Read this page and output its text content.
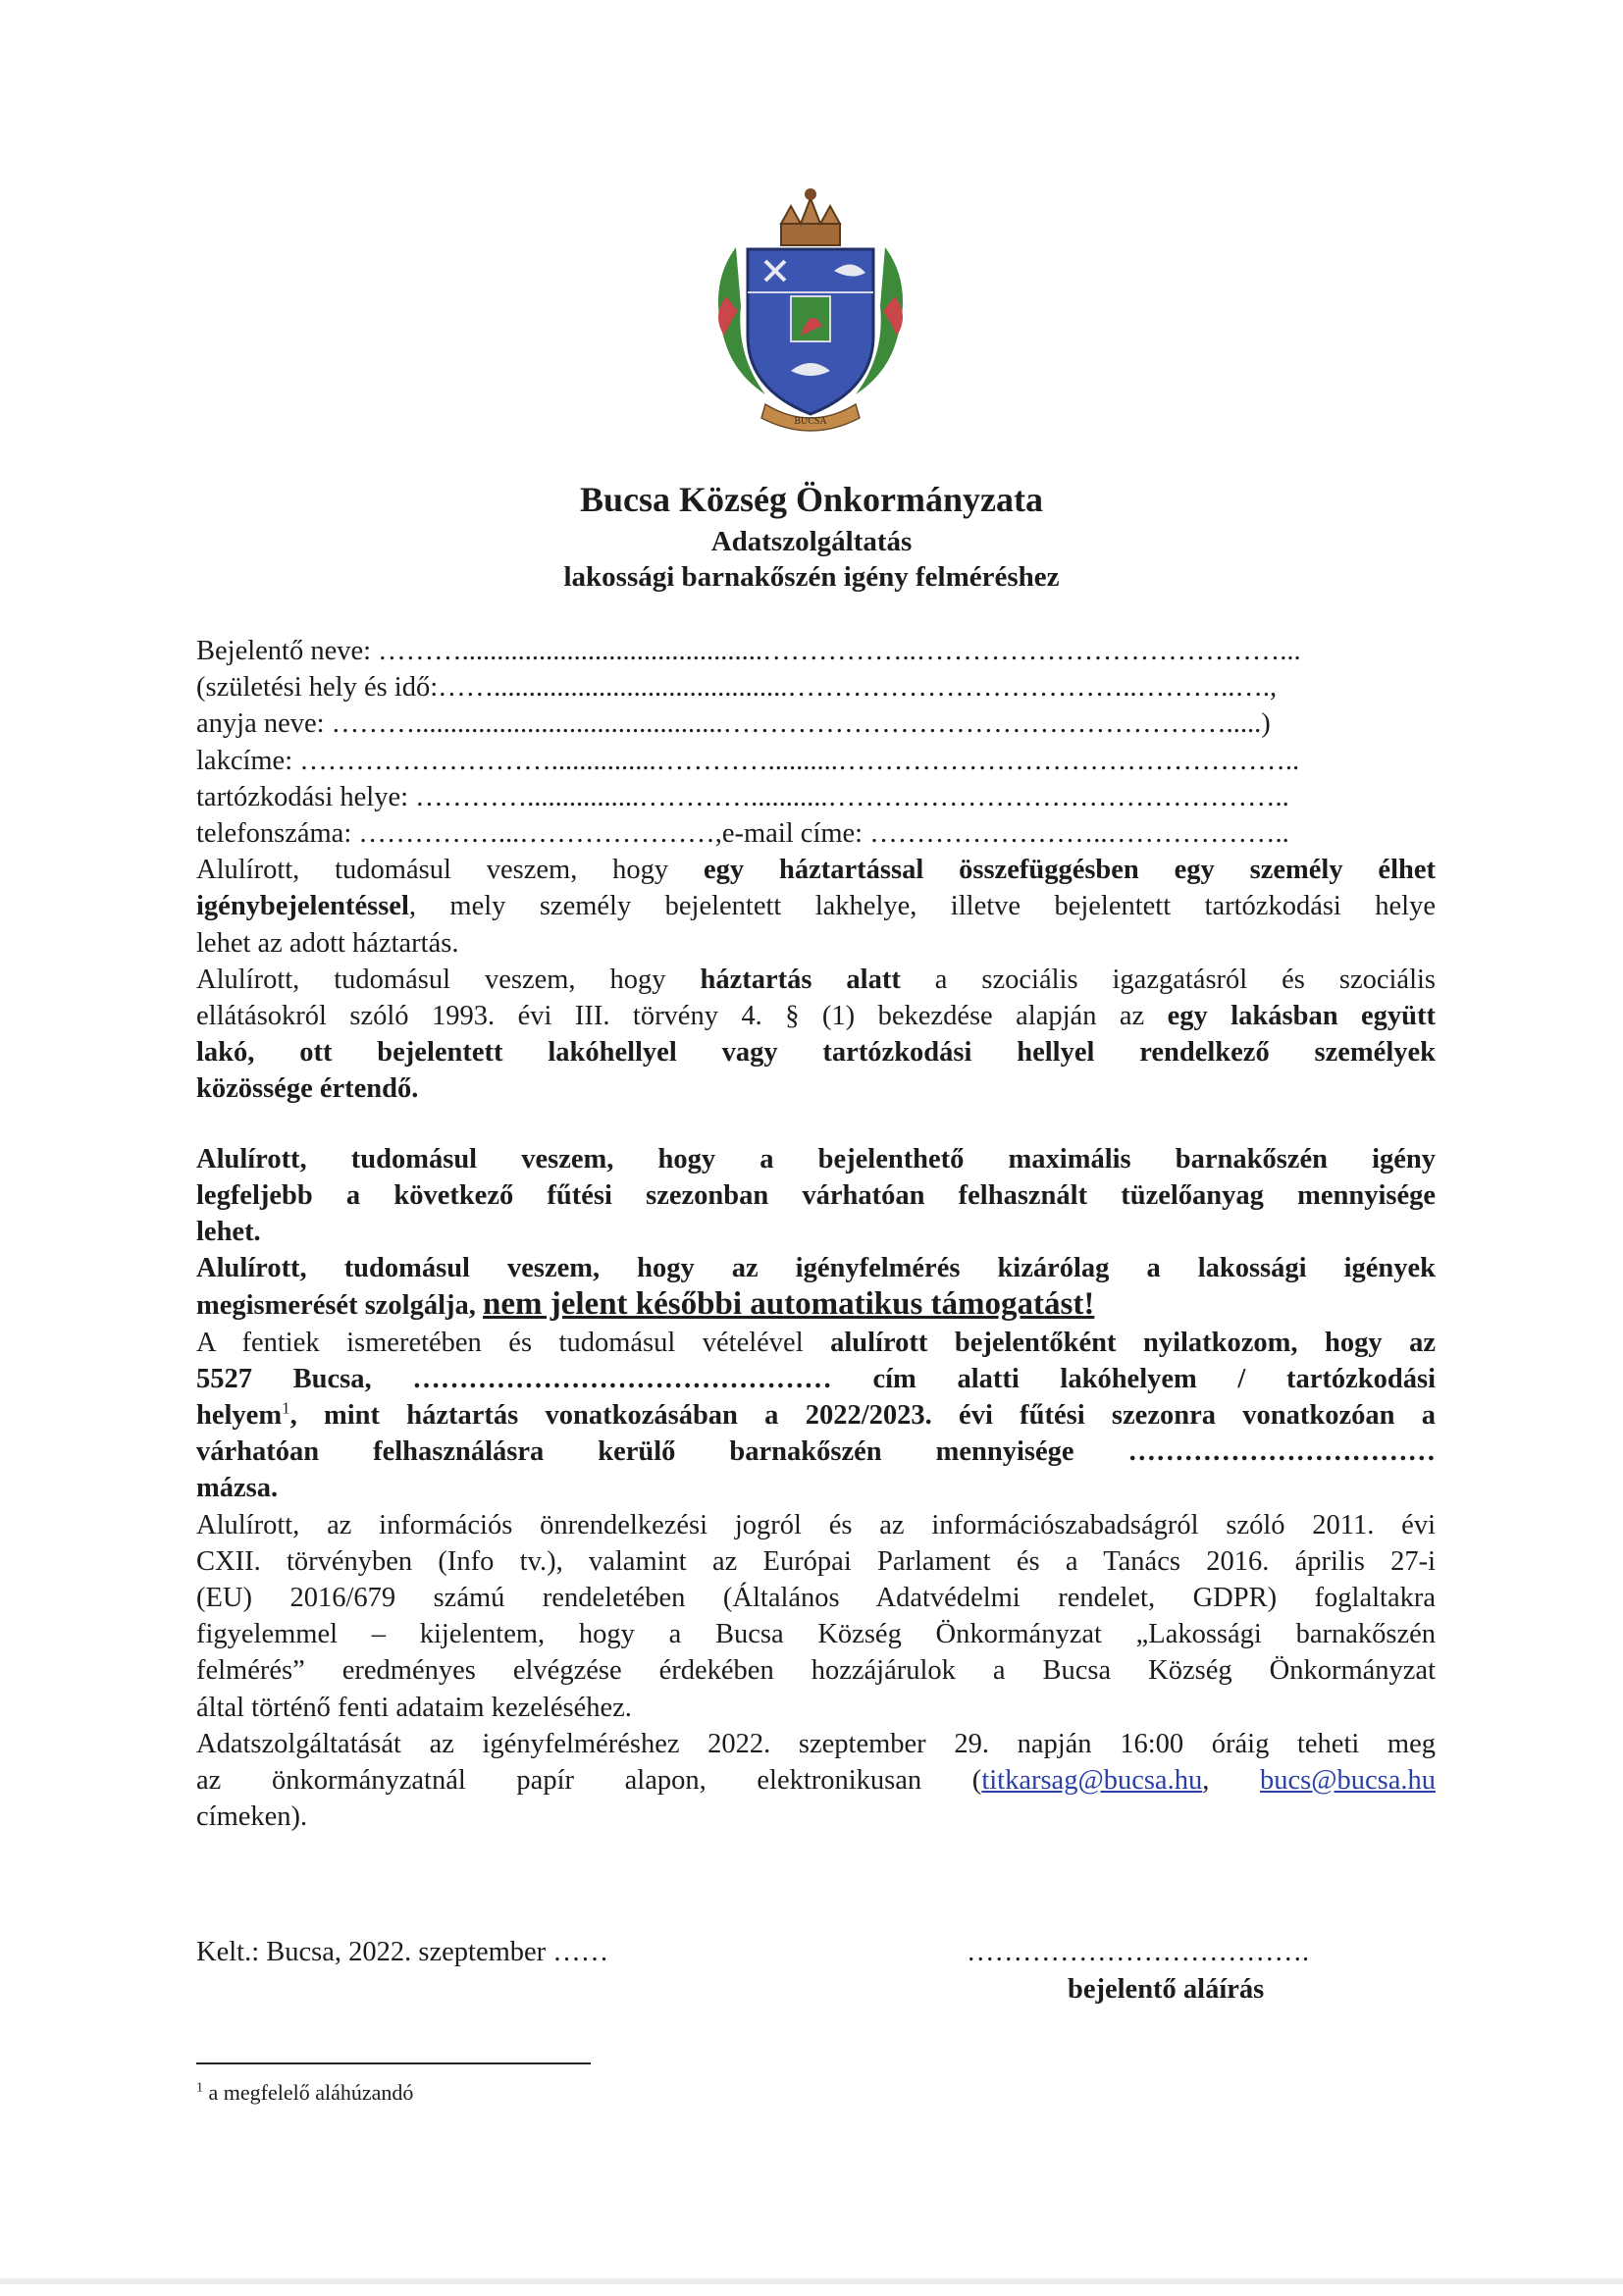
BUCSA
Bucsa Község Önkormányzata
Adatszolgáltatás
lakossági barnakőszén igény felméréshez
Bejelentő neve: ………...........................................……………..…………………………………...
(születési hely és idő:……..........................................………………………………..………..….,
anyja neve: ………............................................……………………………………………….....)
lakcíme: ………………………...............…………..........…………………………………………..
tartózkodási helye: …………................…………...........…………………………………………..
telefonszáma: ……………...…………………,e-mail címe: ……………………..………………..
Alulírott, tudomásul veszem, hogy egy háztartással összefüggésben egy személy élhet
igénybejelentéssel, mely személy bejelentett lakhelye, illetve bejelentett tartózkodási helye
lehet az adott háztartás.
Alulírott, tudomásul veszem, hogy háztartás alatt a szociális igazgatásról és szociális
ellátásokról szóló 1993. évi III. törvény 4. § (1) bekezdése alapján az egy lakásban együtt
lakó, ott bejelentett lakóhellyel vagy tartózkodási hellyel rendelkező személyek
közössége értendő.
Alulírott, tudomásul veszem, hogy a bejelenthető maximális barnakőszén igény
legfeljebb a következő fűtési szezonban várhatóan felhasznált tüzelőanyag mennyisége
lehet.
Alulírott, tudomásul veszem, hogy az igényfelmérés kizárólag a lakossági igények
megismerését szolgálja, nem jelent későbbi automatikus támogatást!
A fentiek ismeretében és tudomásul vételével alulírott bejelentőként nyilatkozom, hogy az
5527 Bucsa, ……………………………………… cím alatti lakóhelyem / tartózkodási
helyem$^1$, mint háztartás vonatkozásában a 2022/2023. évi fűtési szezonra vonatkozóan a
várhatóan felhasználásra kerülő barnakőszén mennyisége ……………………………
mázsa.
Alulírott, az információs önrendelkezési jogról és az információszabadságról szóló 2011. évi
CXII. törvényben (Info tv.), valamint az Európai Parlament és a Tanács 2016. április 27-i
(EU) 2016/679 számú rendeletében (Általános Adatvédelmi rendelet, GDPR) foglaltakra
figyelemmel – kijelentem, hogy a Bucsa Község Önkormányzat „Lakossági barnakőszén
felmérés” eredményes elvégzése érdekében hozzájárulok a Bucsa Község Önkormányzat
által történő fenti adataim kezeléséhez.
Adatszolgáltatását az igényfelméréshez 2022. szeptember 29. napján 16:00 óráig teheti meg
az önkormányzatnál papír alapon, elektronikusan (titkarsag@bucsa.hu, bucs@bucsa.hu
címeken).
Kelt.: Bucsa, 2022. szeptember ……	……………………………….
bejelentő aláírás
$^1$ a megfelelő aláhúzandó
